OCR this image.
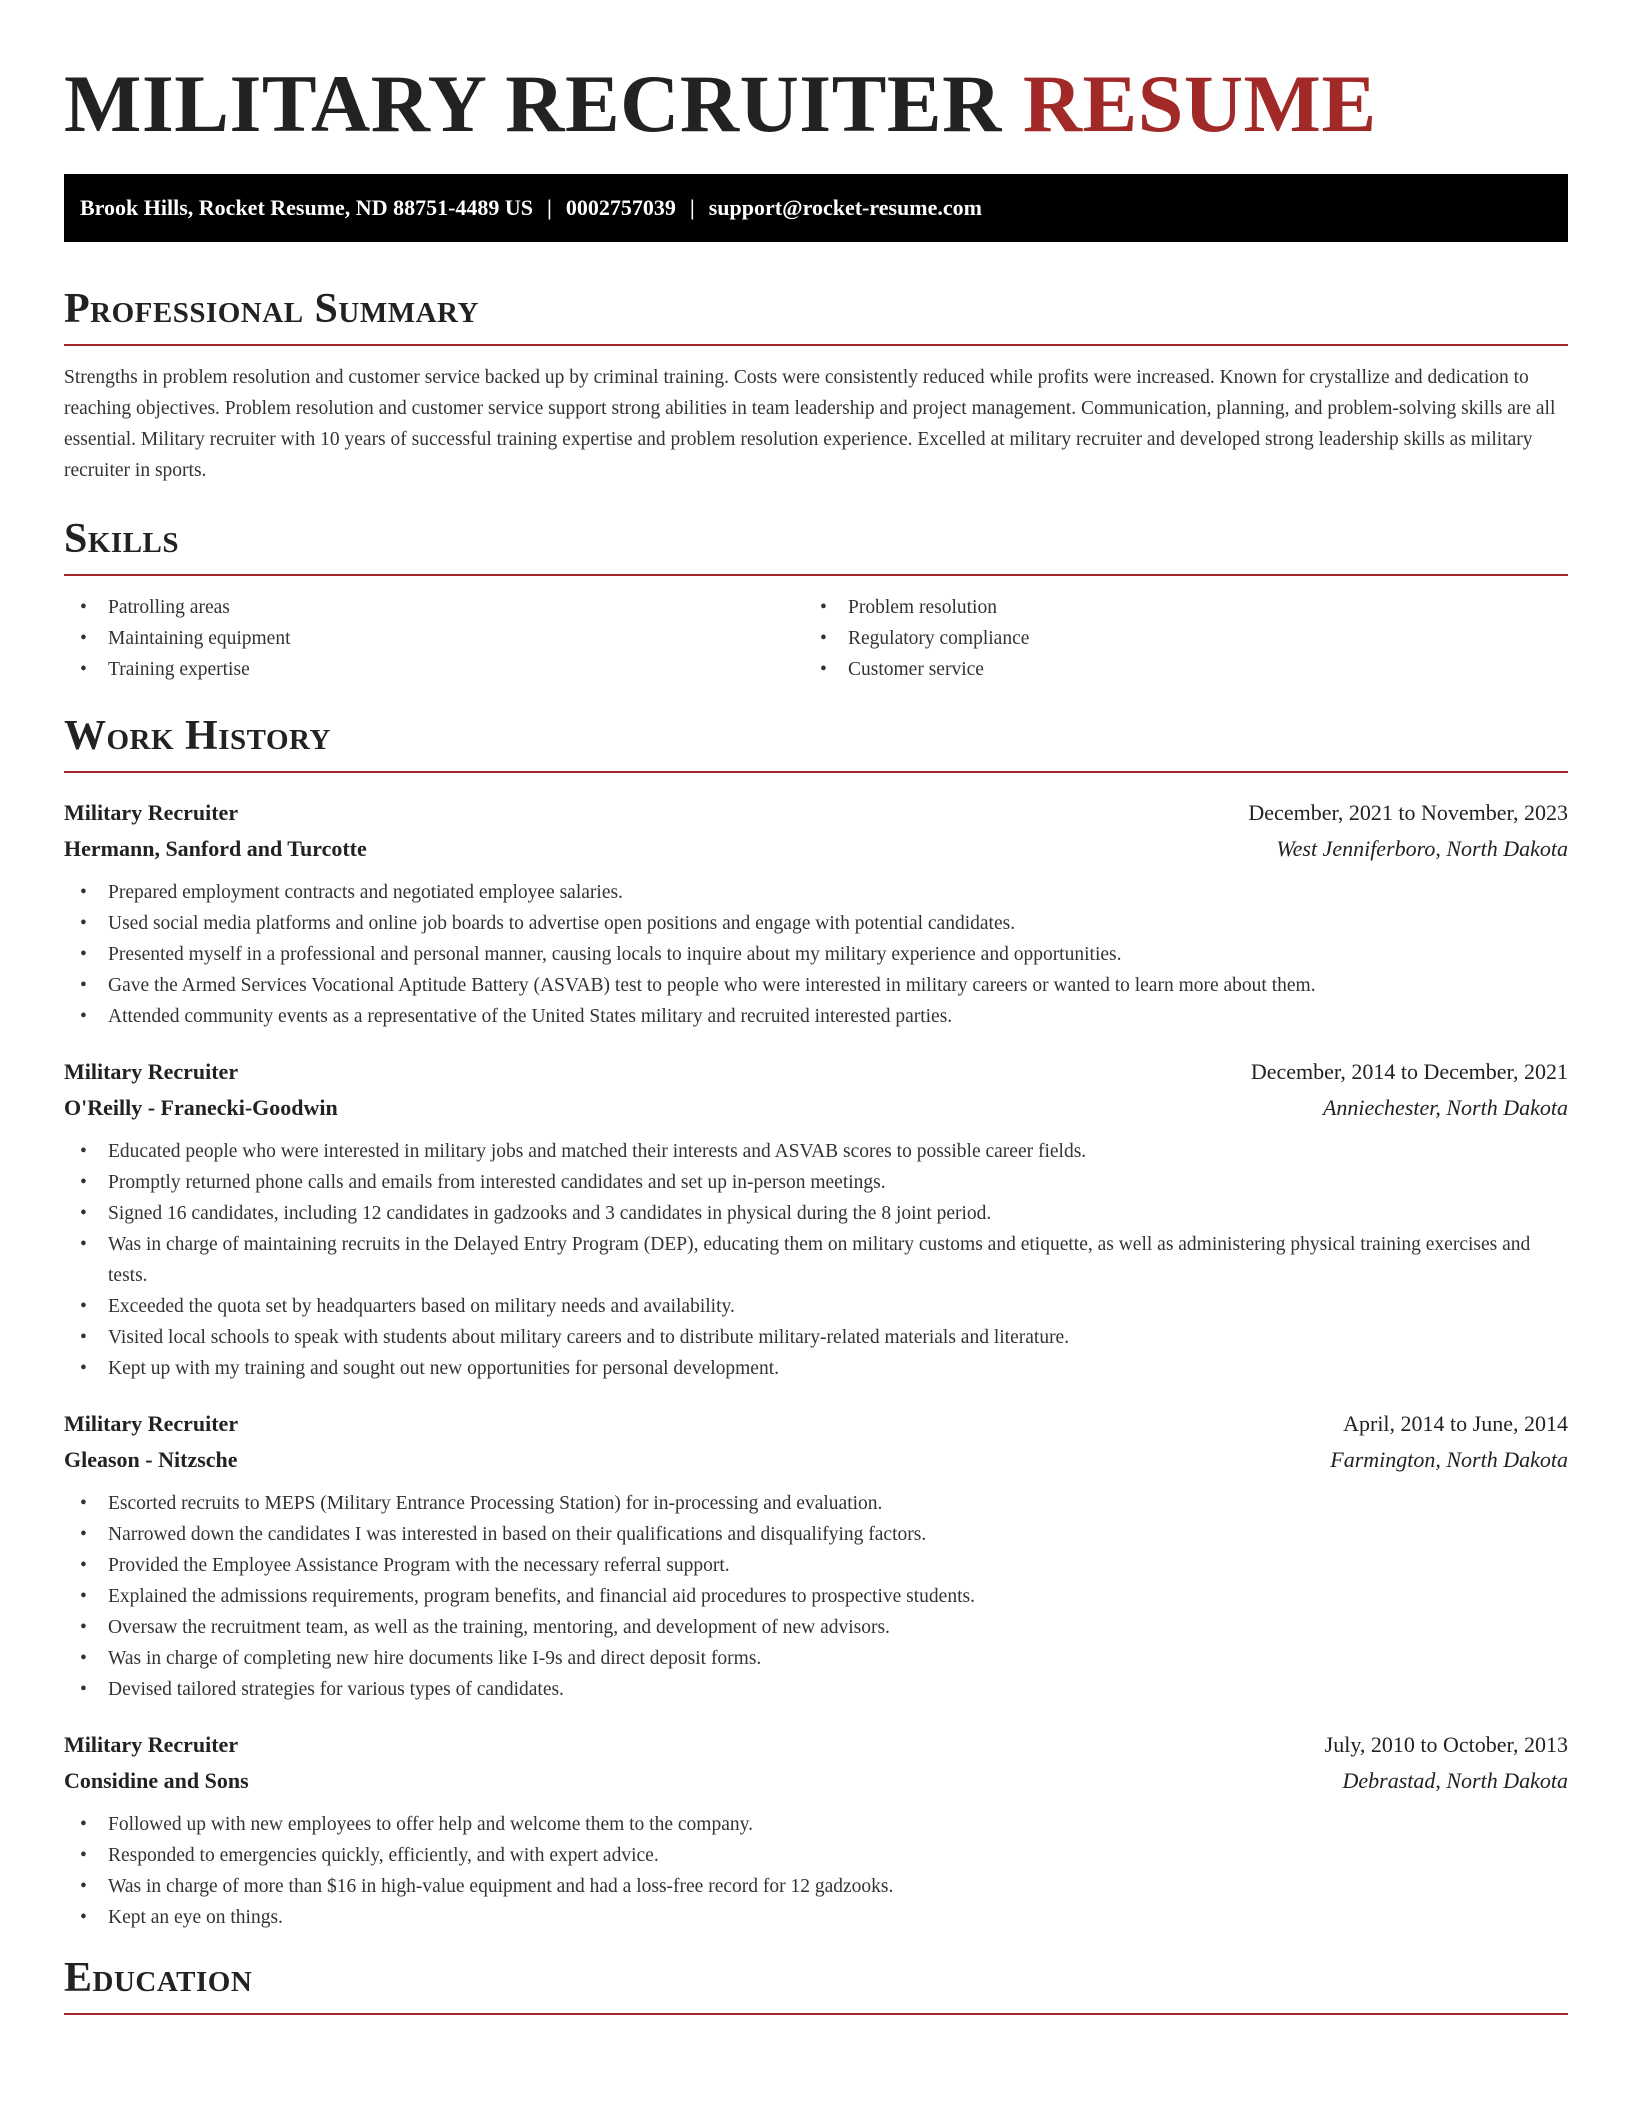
MILITARY RECRUITER RESUME
Brook Hills, Rocket Resume, ND 88751-4489 US | 0002757039 | support@rocket-resume.com
Professional Summary

Strengths in problem resolution and customer service backed up by criminal training. Costs were consistently reduced while profits were increased. Known for crystallize and dedication to reaching objectives. Problem resolution and customer service support strong abilities in team leadership and project management. Communication, planning, and problem-solving skills are all essential. Military recruiter with 10 years of successful training expertise and problem resolution experience. Excelled at military recruiter and developed strong leadership skills as military recruiter in sports.

Skills
• Patrolling areas
• Maintaining equipment
• Training expertise
• Problem resolution
• Regulatory compliance
• Customer service
Work History
Military Recruiter	December, 2021 to November, 2023
Hermann, Sanford and Turcotte	West Jenniferboro, North Dakota
• Prepared employment contracts and negotiated employee salaries.
• Used social media platforms and online job boards to advertise open positions and engage with potential candidates.
• Presented myself in a professional and personal manner, causing locals to inquire about my military experience and opportunities.
• Gave the Armed Services Vocational Aptitude Battery (ASVAB) test to people who were interested in military careers or wanted to learn more about them.
• Attended community events as a representative of the United States military and recruited interested parties.
Military Recruiter	December, 2014 to December, 2021
O'Reilly - Franecki-Goodwin	Anniechester, North Dakota
• Educated people who were interested in military jobs and matched their interests and ASVAB scores to possible career fields.
• Promptly returned phone calls and emails from interested candidates and set up in-person meetings.
• Signed 16 candidates, including 12 candidates in gadzooks and 3 candidates in physical during the 8 joint period.
• Was in charge of maintaining recruits in the Delayed Entry Program (DEP), educating them on military customs and etiquette, as well as administering physical training exercises and tests.
• Exceeded the quota set by headquarters based on military needs and availability.
• Visited local schools to speak with students about military careers and to distribute military-related materials and literature.
• Kept up with my training and sought out new opportunities for personal development.
Military Recruiter	April, 2014 to June, 2014
Gleason - Nitzsche	Farmington, North Dakota
• Escorted recruits to MEPS (Military Entrance Processing Station) for in-processing and evaluation.
• Narrowed down the candidates I was interested in based on their qualifications and disqualifying factors.
• Provided the Employee Assistance Program with the necessary referral support.
• Explained the admissions requirements, program benefits, and financial aid procedures to prospective students.
• Oversaw the recruitment team, as well as the training, mentoring, and development of new advisors.
• Was in charge of completing new hire documents like I-9s and direct deposit forms.
• Devised tailored strategies for various types of candidates.
Military Recruiter	July, 2010 to October, 2013
Considine and Sons	Debrastad, North Dakota
• Followed up with new employees to offer help and welcome them to the company.
• Responded to emergencies quickly, efficiently, and with expert advice.
• Was in charge of more than $16 in high-value equipment and had a loss-free record for 12 gadzooks.
• Kept an eye on things.
Education
